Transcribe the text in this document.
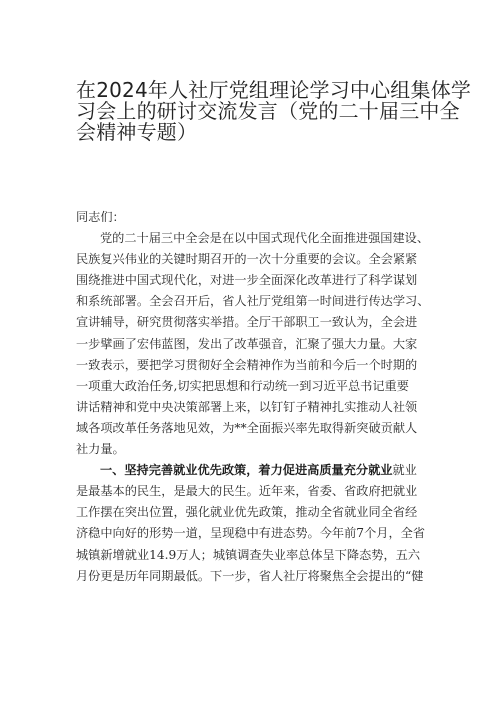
在2024年人社厅党组理论学习中心组集体学
习会上的研讨交流发言（党的二十届三中全
会精神专题）
同志们：
党的二十届三中全会是在以中国式现代化全面推进强国建设、
民族复兴伟业的关键时期召开的一次十分重要的会议。全会紧紧
围绕推进中国式现代化，对进一步全面深化改革进行了科学谋划
和系统部署。全会召开后，省人社厅党组第一时间进行传达学习、
宣讲辅导，研究贯彻落实举措。全厅干部职工一致认为，全会进
一步擘画了宏伟蓝图，发出了改革强音，汇聚了强大力量。大家
一致表示，要把学习贯彻好全会精神作为当前和今后一个时期的
一项重大政治任务,切实把思想和行动统一到习近平总书记重要
讲话精神和党中央决策部署上来，以钉钉子精神扎实推动人社领
域各项改革任务落地见效，为**全面振兴率先取得新突破贡献人
社力量。
一、坚持完善就业优先政策，着力促进高质量充分就业就业
是最基本的民生，是最大的民生。近年来，省委、省政府把就业
工作摆在突出位置，强化就业优先政策，推动全省就业同全省经
济稳中向好的形势一道，呈现稳中有进态势。今年前7个月，全省
城镇新增就业14.9万人；城镇调查失业率总体呈下降态势，五六
月份更是历年同期最低。下一步，省人社厅将聚焦全会提出的“健
